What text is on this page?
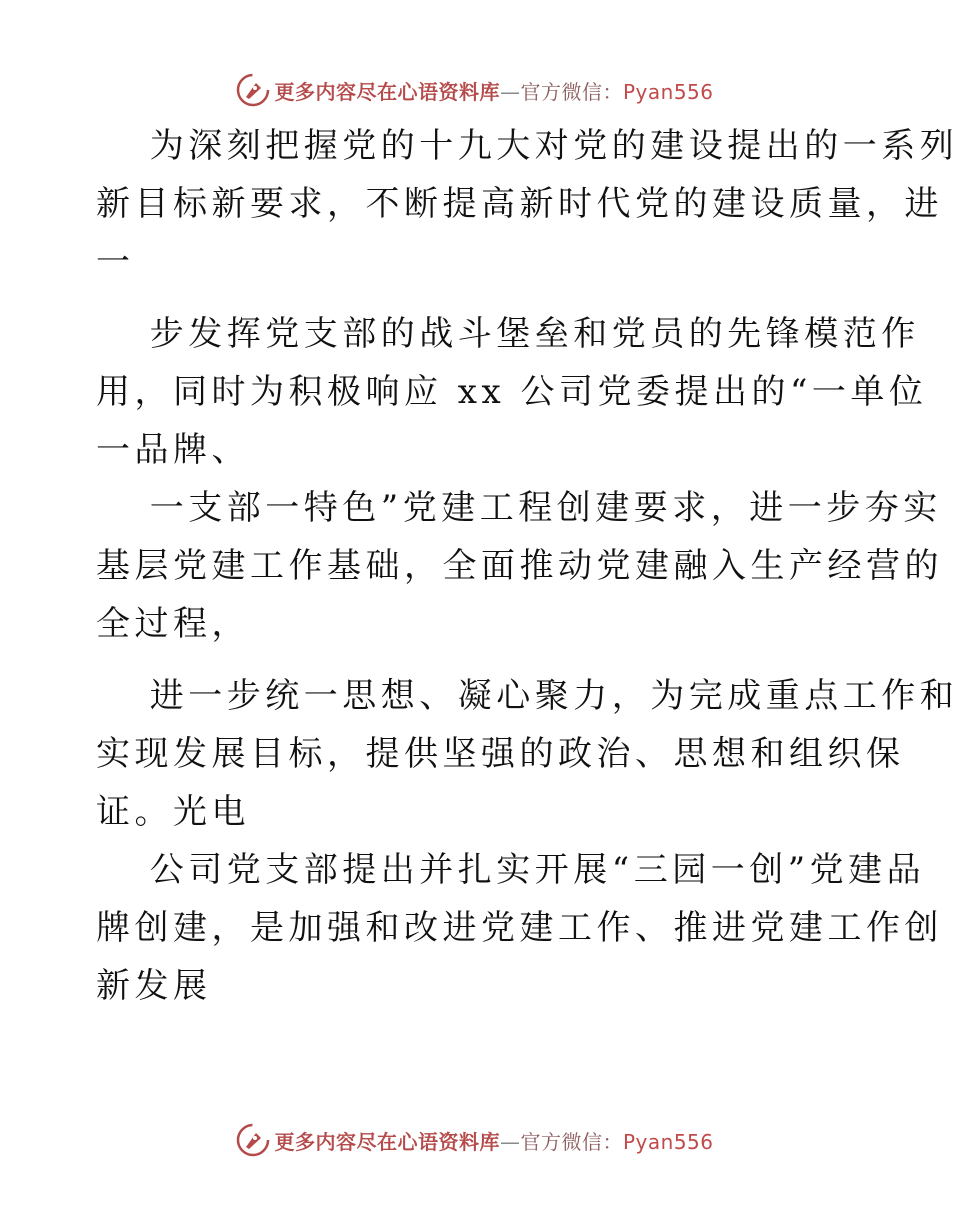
更多内容尽在心语资料库—官方微信：Pyan556
　 为深刻把握党的十九大对党的建设提出的一系列
新目标新要求，不断提高新时代党的建设质量，进
一
　 步发挥党支部的战斗堡垒和党员的先锋模范作
用，同时为积极响应 xx 公司党委提出的“一单位
一品牌、
　 一支部一特色”党建工程创建要求，进一步夯实
基层党建工作基础，全面推动党建融入生产经营的
全过程，
　 进一步统一思想、凝心聚力，为完成重点工作和
实现发展目标，提供坚强的政治、思想和组织保
证。光电
　 公司党支部提出并扎实开展“三园一创”党建品
牌创建，是加强和改进党建工作、推进党建工作创
新发展
更多内容尽在心语资料库—官方微信：Pyan556
